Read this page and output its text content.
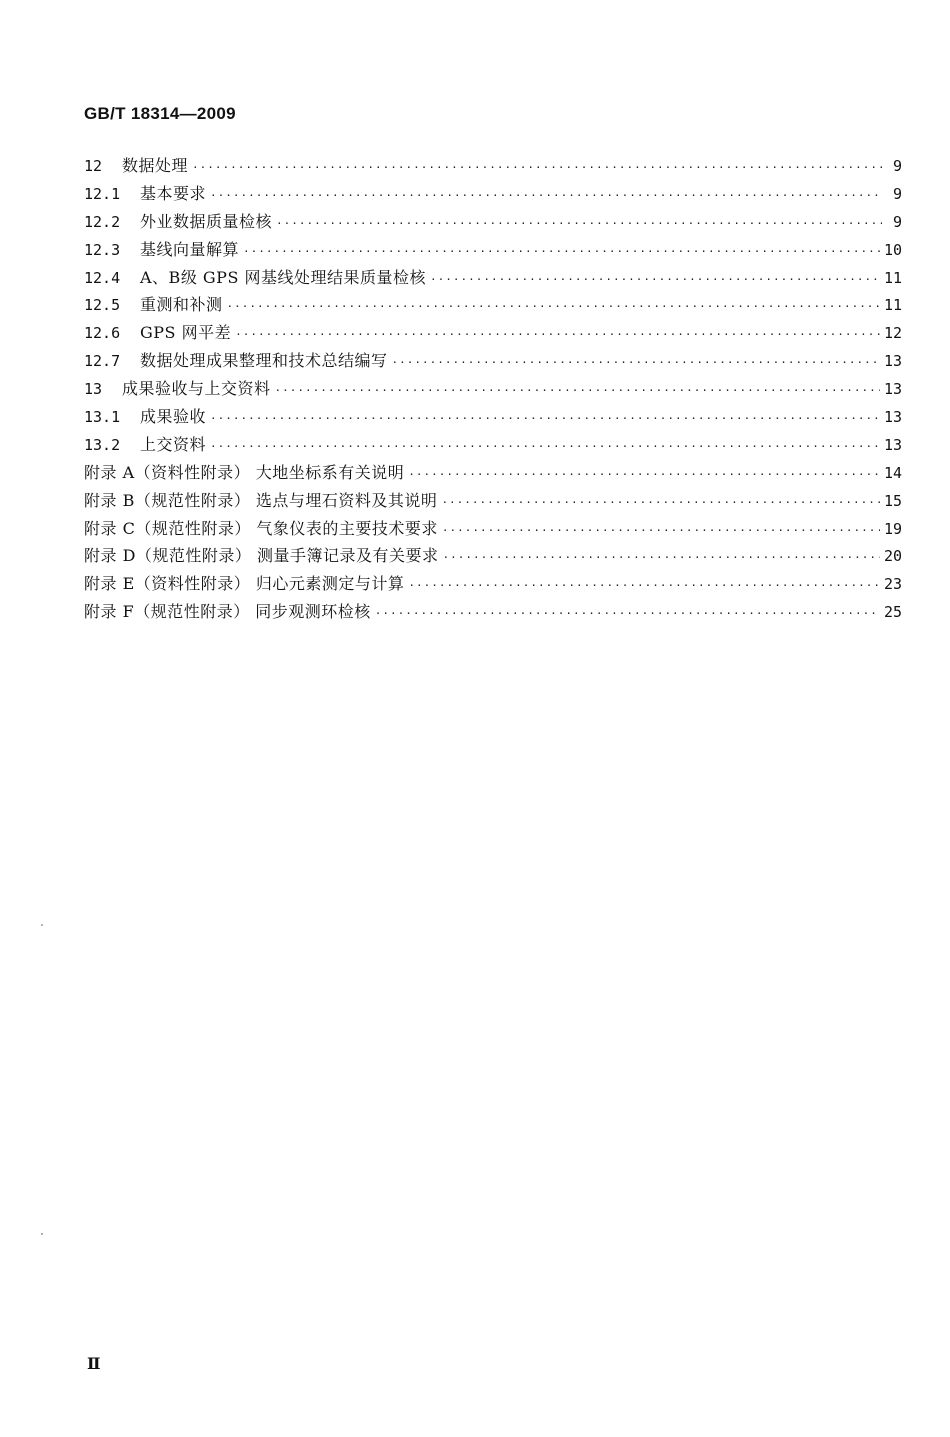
GB/T 18314—2009
12	数据处理 ·····	9
12.1	基本要求 ·····	9
12.2	外业数据质量检核 ·····	9
12.3	基线向量解算 ·····	10
12.4	A、B级 GPS 网基线处理结果质量检核 ·····	11
12.5	重测和补测 ·····	11
12.6	GPS 网平差 ·····	12
12.7	数据处理成果整理和技术总结编写 ·····	13
13	成果验收与上交资料 ·····	13
13.1	成果验收 ·····	13
13.2	上交资料 ·····	13
附录 A（资料性附录） 大地坐标系有关说明 ·····	14
附录 B（规范性附录） 选点与埋石资料及其说明 ·····	15
附录 C（规范性附录） 气象仪表的主要技术要求 ·····	19
附录 D（规范性附录） 测量手簿记录及有关要求 ·····	20
附录 E（资料性附录） 归心元素测定与计算 ·····	23
附录 F（规范性附录） 同步观测环检核 ·····	25
Ⅱ
